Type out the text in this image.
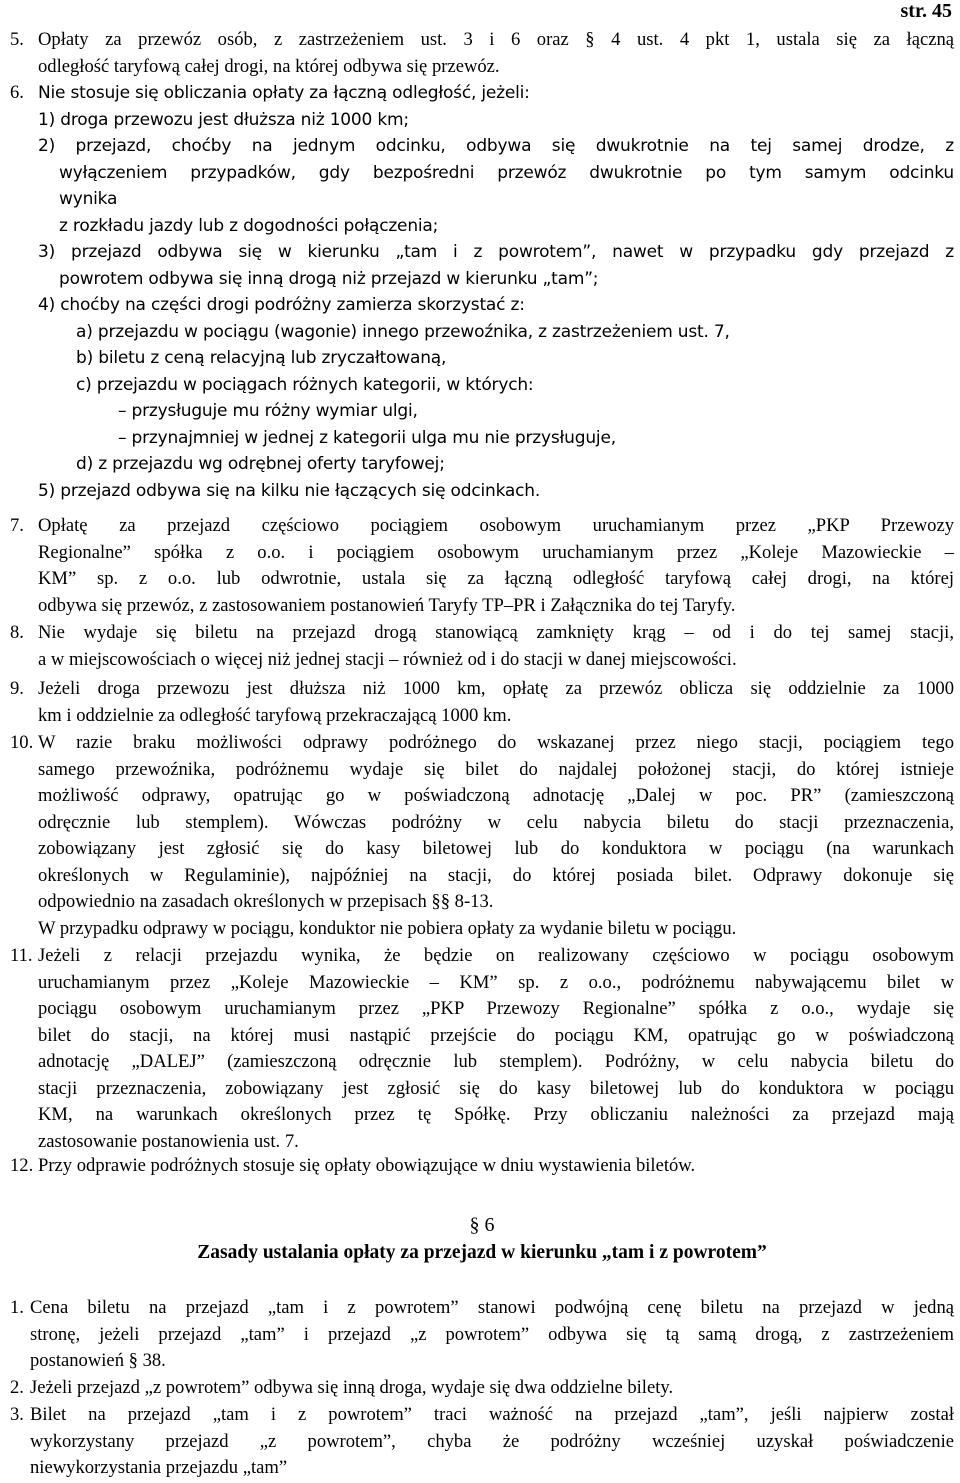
str. 45
5. Opłaty za przewóz osób, z zastrzeżeniem ust. 3 i 6 oraz § 4 ust. 4 pkt 1, ustala się za łączną
odległość taryfową całej drogi, na której odbywa się przewóz.
6. Nie stosuje się obliczania opłaty za łączną odległość, jeżeli:
1) droga przewozu jest dłuższa niż 1000 km;
2) przejazd, choćby na jednym odcinku, odbywa się dwukrotnie na tej samej drodze, z
wyłączeniem przypadków, gdy bezpośredni przewóz dwukrotnie po tym samym odcinku
wynika
z rozkładu jazdy lub z dogodności połączenia;
3) przejazd odbywa się w kierunku „tam i z powrotem”, nawet w przypadku gdy przejazd z
powrotem odbywa się inną drogą niż przejazd w kierunku „tam”;
4) choćby na części drogi podróżny zamierza skorzystać z:
a) przejazdu w pociągu (wagonie) innego przewoźnika, z zastrzeżeniem ust. 7,
b) biletu z ceną relacyjną lub zryczałtowaną,
c) przejazdu w pociągach różnych kategorii, w których:
– przysługuje mu różny wymiar ulgi,
– przynajmniej w jednej z kategorii ulga mu nie przysługuje,
d) z przejazdu wg odrębnej oferty taryfowej;
5) przejazd odbywa się na kilku nie łączących się odcinkach.
7. Opłatę za przejazd częściowo pociągiem osobowym uruchamianym przez „PKP Przewozy
Regionalne” spółka z o.o. i pociągiem osobowym uruchamianym przez „Koleje Mazowieckie –
KM” sp. z o.o. lub odwrotnie, ustala się za łączną odległość taryfową całej drogi, na której
odbywa się przewóz, z zastosowaniem postanowień Taryfy TP–PR i Załącznika do tej Taryfy.
8. Nie wydaje się biletu na przejazd drogą stanowiącą zamknięty krąg – od i do tej samej stacji,
a w miejscowościach o więcej niż jednej stacji – również od i do stacji w danej miejscowości.
9. Jeżeli droga przewozu jest dłuższa niż 1000 km, opłatę za przewóz oblicza się oddzielnie za 1000
km i oddzielnie za odległość taryfową przekraczającą 1000 km.
10. W razie braku możliwości odprawy podróżnego do wskazanej przez niego stacji, pociągiem tego
samego przewoźnika, podróżnemu wydaje się bilet do najdalej położonej stacji, do której istnieje
możliwość odprawy, opatrując go w poświadczoną adnotację „Dalej w poc. PR” (zamieszczoną
odręcznie lub stemplem). Wówczas podróżny w celu nabycia biletu do stacji przeznaczenia,
zobowiązany jest zgłosić się do kasy biletowej lub do konduktora w pociągu (na warunkach
określonych w Regulaminie), najpóźniej na stacji, do której posiada bilet. Odprawy dokonuje się
odpowiednio na zasadach określonych w przepisach §§ 8-13.
W przypadku odprawy w pociągu, konduktor nie pobiera opłaty za wydanie biletu w pociągu.
11. Jeżeli z relacji przejazdu wynika, że będzie on realizowany częściowo w pociągu osobowym
uruchamianym przez „Koleje Mazowieckie – KM” sp. z o.o., podróżnemu nabywającemu bilet w
pociągu osobowym uruchamianym przez „PKP Przewozy Regionalne” spółka z o.o., wydaje się
bilet do stacji, na której musi nastąpić przejście do pociągu KM, opatrując go w poświadczoną
adnotację „DALEJ” (zamieszczoną odręcznie lub stemplem). Podróżny, w celu nabycia biletu do
stacji przeznaczenia, zobowiązany jest zgłosić się do kasy biletowej lub do konduktora w pociągu
KM, na warunkach określonych przez tę Spółkę. Przy obliczaniu należności za przejazd mają
zastosowanie postanowienia ust. 7.
12. Przy odprawie podróżnych stosuje się opłaty obowiązujące w dniu wystawienia biletów.
§ 6
Zasady ustalania opłaty za przejazd w kierunku „tam i z powrotem”
1. Cena biletu na przejazd „tam i z powrotem” stanowi podwójną cenę biletu na przejazd w jedną
stronę, jeżeli przejazd „tam” i przejazd „z powrotem” odbywa się tą samą drogą, z zastrzeżeniem
postanowień § 38.
2. Jeżeli przejazd „z powrotem” odbywa się inną droga, wydaje się dwa oddzielne bilety.
3. Bilet na przejazd „tam i z powrotem” traci ważność na przejazd „tam”, jeśli najpierw został
wykorzystany przejazd „z powrotem”, chyba że podróżny wcześniej uzyskał poświadczenie
niewykorzystania przejazdu „tam”
